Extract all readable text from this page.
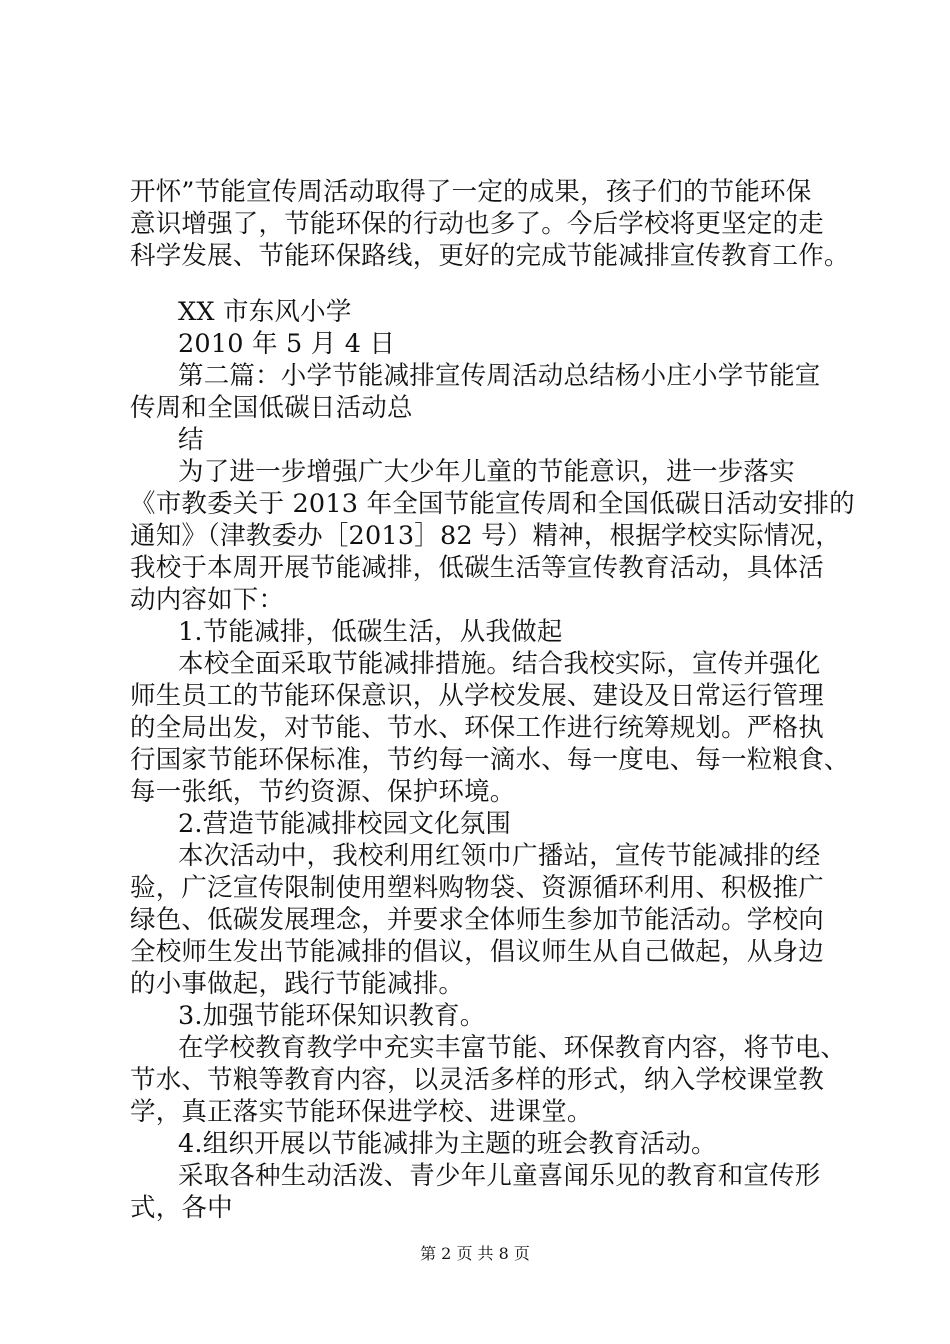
开怀”节能宣传周活动取得了一定的成果，孩子们的节能环保
意识增强了，节能环保的行动也多了。今后学校将更坚定的走
科学发展、节能环保路线，更好的完成节能减排宣传教育工作。
XX 市东风小学
2010 年 5 月 4 日
第二篇：小学节能减排宣传周活动总结杨小庄小学节能宣
传周和全国低碳日活动总
结
为了进一步增强广大少年儿童的节能意识，进一步落实
《市教委关于 2013 年全国节能宣传周和全国低碳日活动安排的
通知》（津教委办［2013］82 号）精神，根据学校实际情况，
我校于本周开展节能减排，低碳生活等宣传教育活动，具体活
动内容如下：
1.节能减排，低碳生活，从我做起
本校全面采取节能减排措施。结合我校实际，宣传并强化
师生员工的节能环保意识，从学校发展、建设及日常运行管理
的全局出发，对节能、节水、环保工作进行统筹规划。严格执
行国家节能环保标准，节约每一滴水、每一度电、每一粒粮食、
每一张纸，节约资源、保护环境。
2.营造节能减排校园文化氛围
本次活动中，我校利用红领巾广播站，宣传节能减排的经
验，广泛宣传限制使用塑料购物袋、资源循环利用、积极推广
绿色、低碳发展理念，并要求全体师生参加节能活动。学校向
全校师生发出节能减排的倡议，倡议师生从自己做起，从身边
的小事做起，践行节能减排。
3.加强节能环保知识教育。
在学校教育教学中充实丰富节能、环保教育内容，将节电、
节水、节粮等教育内容，以灵活多样的形式，纳入学校课堂教
学，真正落实节能环保进学校、进课堂。
4.组织开展以节能减排为主题的班会教育活动。
采取各种生动活泼、青少年儿童喜闻乐见的教育和宣传形
式，各中
第 2 页 共 8 页
